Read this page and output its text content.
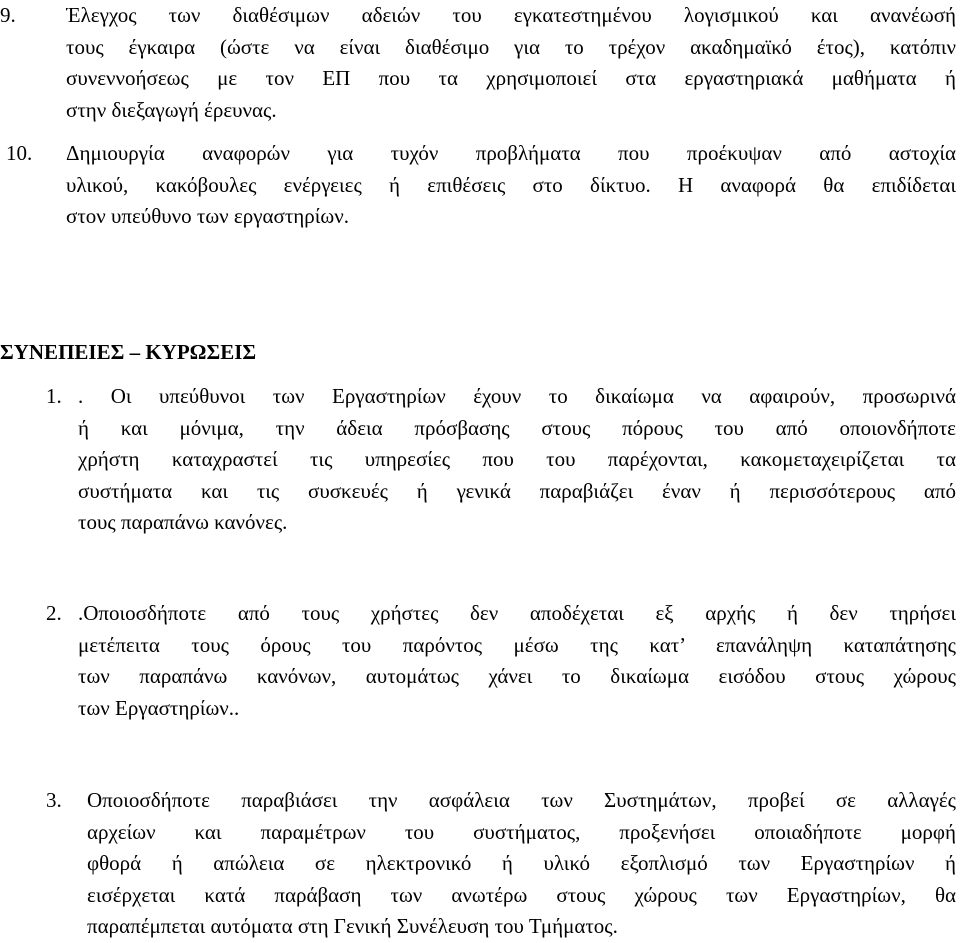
9. Έλεγχος των διαθέσιμων αδειών του εγκατεστημένου λογισμικού και ανανέωσή
τους έγκαιρα (ώστε να είναι διαθέσιμο για το τρέχον ακαδημαϊκό έτος), κατόπιν
συνεννοήσεως με τον ΕΠ που τα χρησιμοποιεί στα εργαστηριακά μαθήματα ή
στην διεξαγωγή έρευνας.
10. Δημιουργία αναφορών για τυχόν προβλήματα που προέκυψαν από αστοχία
υλικού, κακόβουλες ενέργειες ή επιθέσεις στο δίκτυο. Η αναφορά θα επιδίδεται
στον υπεύθυνο των εργαστηρίων.
ΣΥΝΕΠΕΙΕΣ – ΚΥΡΩΣΕΙΣ
1. . Οι υπεύθυνοι των Εργαστηρίων έχουν το δικαίωμα να αφαιρούν, προσωρινά
ή και μόνιμα, την άδεια πρόσβασης στους πόρους του από οποιονδήποτε
χρήστη καταχραστεί τις υπηρεσίες που του παρέχονται, κακομεταχειρίζεται τα
συστήματα και τις συσκευές ή γενικά παραβιάζει έναν ή περισσότερους από
τους παραπάνω κανόνες.
2. .Οποιοσδήποτε από τους χρήστες δεν αποδέχεται εξ αρχής ή δεν τηρήσει
μετέπειτα τους όρους του παρόντος μέσω της κατ’ επανάληψη καταπάτησης
των παραπάνω κανόνων, αυτομάτως χάνει το δικαίωμα εισόδου στους χώρους
των Εργαστηρίων..
3. Οποιοσδήποτε παραβιάσει την ασφάλεια των Συστημάτων, προβεί σε αλλαγές
αρχείων και παραμέτρων του συστήματος, προξενήσει οποιαδήποτε μορφή
φθορά ή απώλεια σε ηλεκτρονικό ή υλικό εξοπλισμό των Εργαστηρίων ή
εισέρχεται κατά παράβαση των ανωτέρω στους χώρους των Εργαστηρίων, θα
παραπέμπεται αυτόματα στη Γενική Συνέλευση του Τμήματος.
